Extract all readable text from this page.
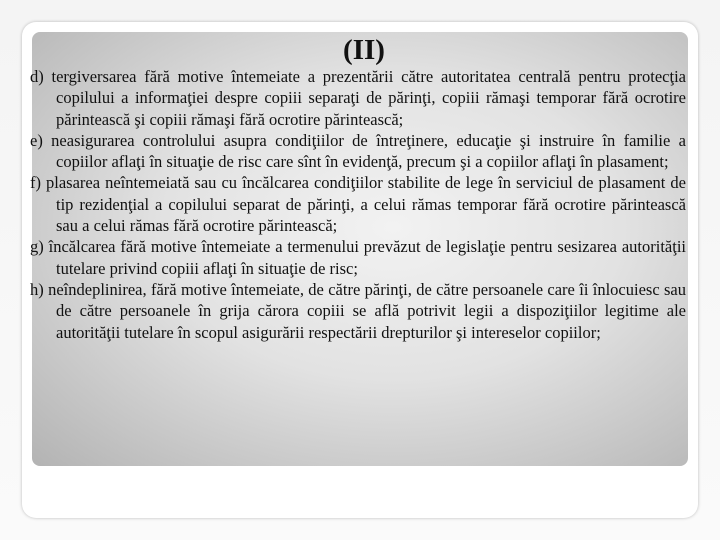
(II)

d) tergiversarea fără motive întemeiate a prezentării către autoritatea centrală pentru protecţia copilului a informaţiei despre copiii separaţi de părinţi, copiii rămaşi temporar fără ocrotire părintească şi copiii rămaşi fără ocrotire părintească;

e) neasigurarea controlului asupra condiţiilor de întreţinere, educaţie şi instruire în familie a copiilor aflaţi în situaţie de risc care sînt în evidenţă, precum şi a copiilor aflaţi în plasament;

f) plasarea neîntemeiată sau cu încălcarea condiţiilor stabilite de lege în serviciul de plasament de tip rezidenţial a copilului separat de părinţi, a celui rămas temporar fără ocrotire părintească sau a celui rămas fără ocrotire părintească;

g) încălcarea fără motive întemeiate a termenului prevăzut de legislaţie pentru sesizarea autorităţii tutelare privind copiii aflaţi în situaţie de risc;

h) neîndeplinirea, fără motive întemeiate, de către părinţi, de către persoanele care îi înlocuiesc sau de către persoanele în grija cărora copiii se află potrivit legii a dispoziţiilor legitime ale autorităţii tutelare în scopul asigurării respectării drepturilor şi intereselor copiilor;
